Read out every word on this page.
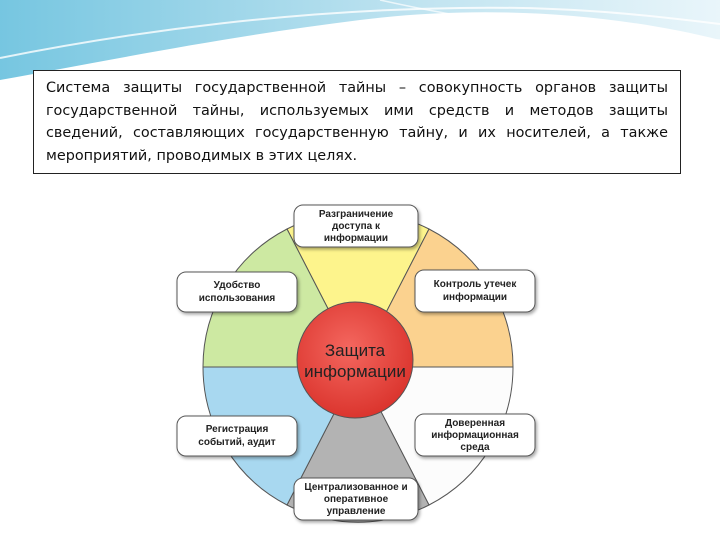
Система защиты государственной тайны – совокупность органов защиты государственной тайны, используемых ими средств и методов защиты сведений, составляющих государственную тайну, и их носителей, а также мероприятий, проводимых в этих целях.
Защита
информации
Разграничение
доступа к
информации
Контроль утечек
информации
Доверенная
информационная
среда
Централизованное и
оперативное
управление
Регистрация
событий, аудит
Удобство
использования
